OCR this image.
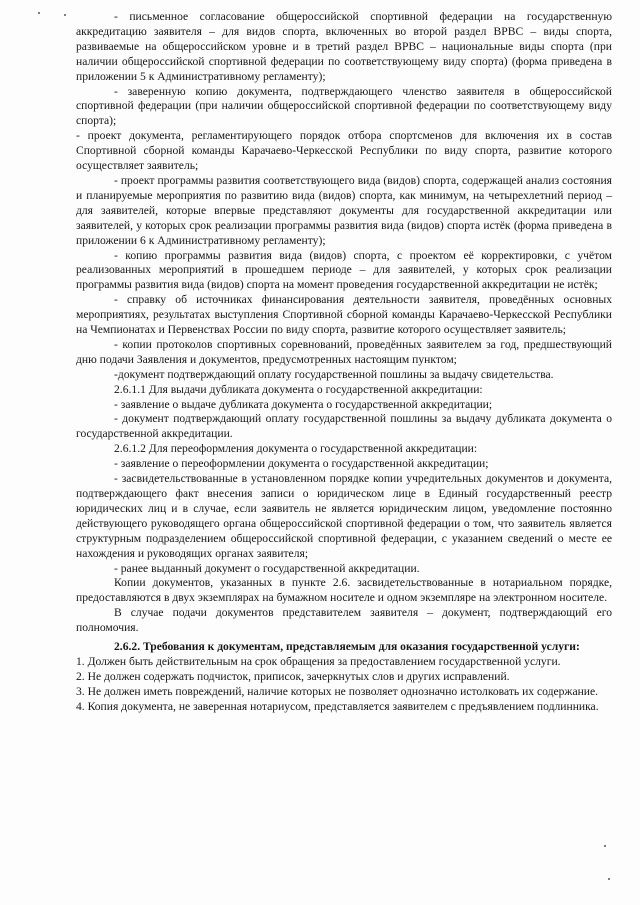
- письменное согласование общероссийской спортивной федерации на государственную аккредитацию заявителя – для видов спорта, включенных во второй раздел ВРВС – виды спорта, развиваемые на общероссийском уровне и в третий раздел ВРВС – национальные виды спорта (при наличии общероссийской спортивной федерации по соответствующему виду спорта) (форма приведена в приложении 5 к Административному регламенту);

- заверенную копию документа, подтверждающего членство заявителя в общероссийской спортивной федерации (при наличии общероссийской спортивной федерации по соответствующему виду спорта);

- проект документа, регламентирующего порядок отбора спортсменов для включения их в состав Спортивной сборной команды Карачаево-Черкесской Республики по виду спорта, развитие которого осуществляет заявитель;

- проект программы развития соответствующего вида (видов) спорта, содержащей анализ состояния и планируемые мероприятия по развитию вида (видов) спорта, как минимум, на четырехлетний период – для заявителей, которые впервые представляют документы для государственной аккредитации или заявителей, у которых срок реализации программы развития вида (видов) спорта истёк (форма приведена в приложении 6 к Административному регламенту);

- копию программы развития вида (видов) спорта, с проектом её корректировки, с учётом реализованных мероприятий в прошедшем периоде – для заявителей, у которых срок реализации программы развития вида (видов) спорта на момент проведения государственной аккредитации не истёк;

- справку об источниках финансирования деятельности заявителя, проведённых основных мероприятиях, результатах выступления Спортивной сборной команды Карачаево-Черкесской Республики на Чемпионатах и Первенствах России по виду спорта, развитие которого осуществляет заявитель;

- копии протоколов спортивных соревнований, проведённых заявителем за год, предшествующий дню подачи Заявления и документов, предусмотренных настоящим пунктом;

-документ подтверждающий оплату государственной пошлины за выдачу свидетельства.

2.6.1.1 Для выдачи дубликата документа о государственной аккредитации:

- заявление о выдаче дубликата документа о государственной аккредитации;

- документ подтверждающий оплату государственной пошлины за выдачу дубликата документа о государственной аккредитации.

2.6.1.2 Для переоформления документа о государственной аккредитации:

- заявление о переоформлении документа о государственной аккредитации;

- засвидетельствованные в установленном порядке копии учредительных документов и документа, подтверждающего факт внесения записи о юридическом лице в Единый государственный реестр юридических лиц и в случае, если заявитель не является юридическим лицом, уведомление постоянно действующего руководящего органа общероссийской спортивной федерации о том, что заявитель является структурным подразделением общероссийской спортивной федерации, с указанием сведений о месте ее нахождения и руководящих органах заявителя;

- ранее выданный документ о государственной аккредитации.

Копии документов, указанных в пункте 2.6. засвидетельствованные в нотариальном порядке, предоставляются в двух экземплярах на бумажном носителе и одном экземпляре на электронном носителе.

В случае подачи документов представителем заявителя – документ, подтверждающий его полномочия.

2.6.2. Требования к документам, представляемым для оказания государственной услуги:

1. Должен быть действительным на срок обращения за предоставлением государственной услуги.

2. Не должен содержать подчисток, приписок, зачеркнутых слов и других исправлений.

3. Не должен иметь повреждений, наличие которых не позволяет однозначно истолковать их содержание.

4. Копия документа, не заверенная нотариусом, представляется заявителем с предъявлением подлинника.
